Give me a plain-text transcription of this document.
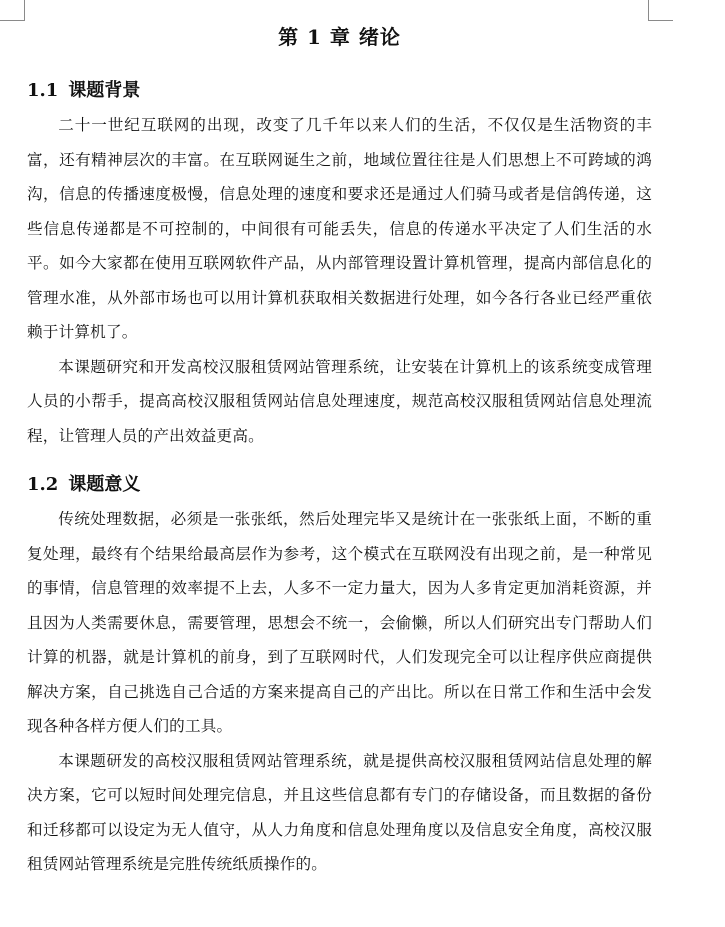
第 1 章 绪论
1.1 课题背景

二十一世纪互联网的出现，改变了几千年以来人们的生活，不仅仅是生活物资的丰富，还有精神层次的丰富。在互联网诞生之前，地域位置往往是人们思想上不可跨域的鸿沟，信息的传播速度极慢，信息处理的速度和要求还是通过人们骑马或者是信鸽传递，这些信息传递都是不可控制的，中间很有可能丢失，信息的传递水平决定了人们生活的水平。如今大家都在使用互联网软件产品，从内部管理设置计算机管理，提高内部信息化的管理水准，从外部市场也可以用计算机获取相关数据进行处理，如今各行各业已经严重依赖于计算机了。

本课题研究和开发高校汉服租赁网站管理系统，让安装在计算机上的该系统变成管理人员的小帮手，提高高校汉服租赁网站信息处理速度，规范高校汉服租赁网站信息处理流程，让管理人员的产出效益更高。

1.2 课题意义

传统处理数据，必须是一张张纸，然后处理完毕又是统计在一张张纸上面，不断的重复处理，最终有个结果给最高层作为参考，这个模式在互联网没有出现之前，是一种常见的事情，信息管理的效率提不上去，人多不一定力量大，因为人多肯定更加消耗资源，并且因为人类需要休息，需要管理，思想会不统一，会偷懒，所以人们研究出专门帮助人们计算的机器，就是计算机的前身，到了互联网时代，人们发现完全可以让程序供应商提供解决方案，自己挑选自己合适的方案来提高自己的产出比。所以在日常工作和生活中会发现各种各样方便人们的工具。

本课题研发的高校汉服租赁网站管理系统，就是提供高校汉服租赁网站信息处理的解决方案，它可以短时间处理完信息，并且这些信息都有专门的存储设备，而且数据的备份和迁移都可以设定为无人值守，从人力角度和信息处理角度以及信息安全角度，高校汉服租赁网站管理系统是完胜传统纸质操作的。
